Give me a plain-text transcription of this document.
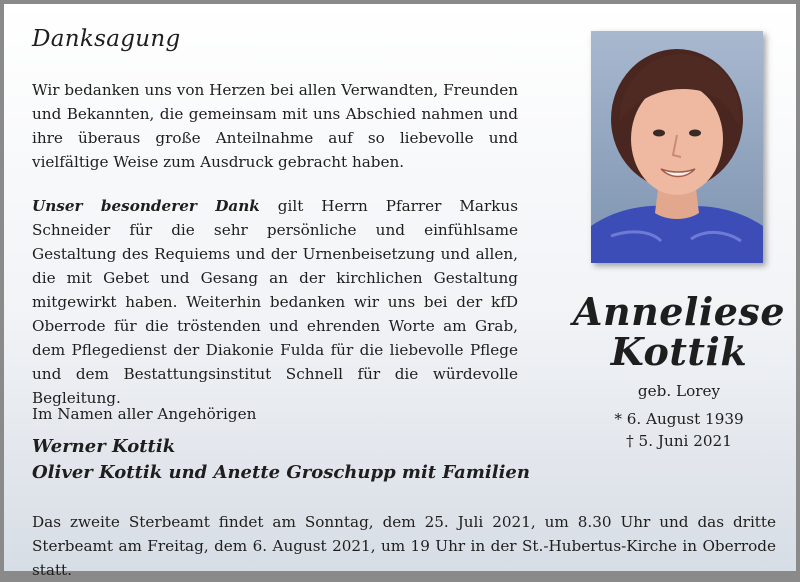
Danksagung

Wir bedanken uns von Herzen bei allen Verwandten, Freunden und Bekannten, die gemeinsam mit uns Abschied nahmen und ihre überaus große Anteilnahme auf so liebevolle und vielfältige Weise zum Ausdruck gebracht haben.

Unser besonderer Dank gilt Herrn Pfarrer Markus Schneider für die sehr persönliche und einfühlsame Gestaltung des Requiems und der Urnenbeisetzung und allen, die mit Gebet und Gesang an der kirchlichen Gestaltung mitgewirkt haben. Weiterhin bedanken wir uns bei der kfD Oberrode für die tröstenden und ehrenden Worte am Grab, dem Pflegedienst der Diakonie Fulda für die liebevolle Pflege und dem Bestattungsinstitut Schnell für die würdevolle Begleitung.

Im Namen aller Angehörigen
Werner Kottik
Oliver Kottik und Anette Groschupp mit Familien
Anneliese
Kottik
geb. Lorey
* 6. August 1939
† 5. Juni 2021

Das zweite Sterbeamt findet am Sonntag, dem 25. Juli 2021, um 8.30 Uhr und das dritte Sterbeamt am Freitag, dem 6. August 2021, um 19 Uhr in der St.-Hubertus-Kirche in Oberrode statt.
